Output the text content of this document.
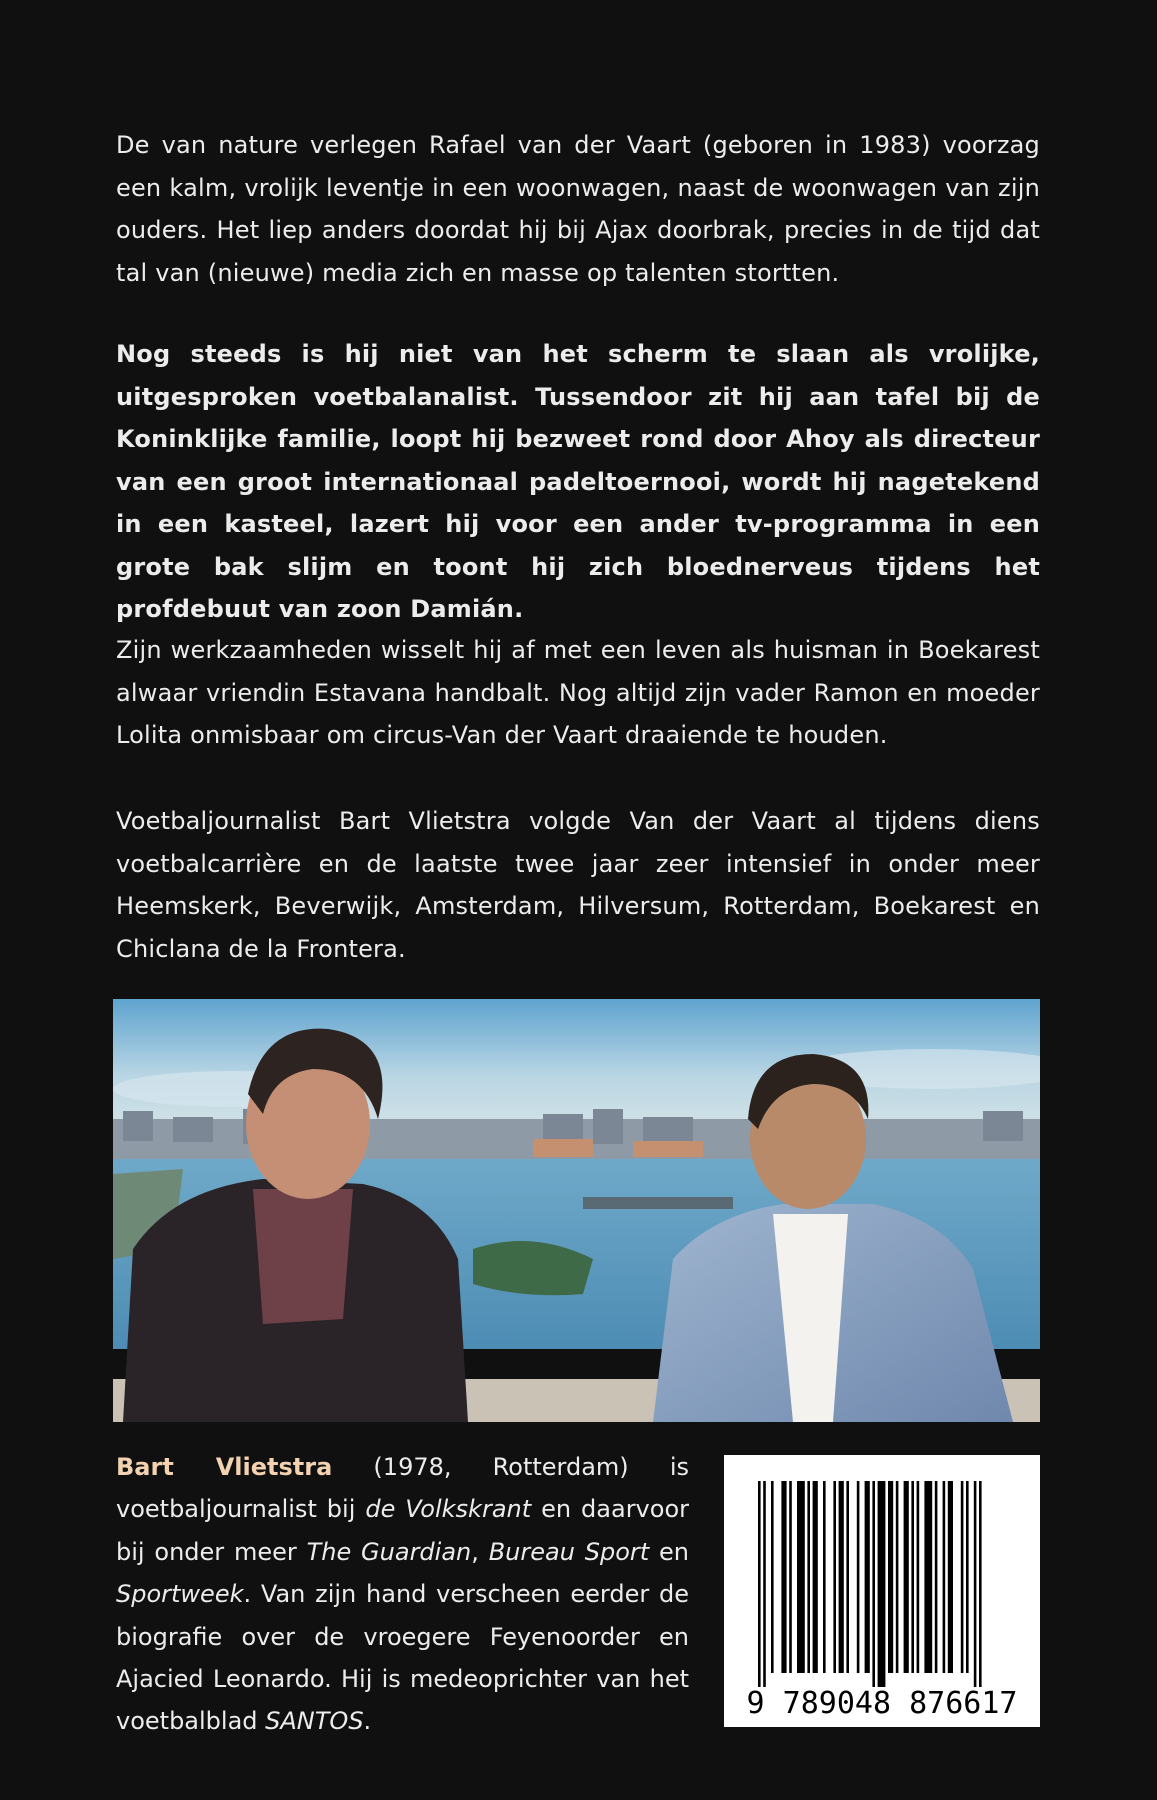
De van nature verlegen Rafael van der Vaart (geboren in 1983) voorzag een kalm, vrolijk leventje in een woonwagen, naast de woonwagen van zijn ouders. Het liep anders doordat hij bij Ajax doorbrak, precies in de tijd dat tal van (nieuwe) media zich en masse op talenten stortten.

Nog steeds is hij niet van het scherm te slaan als vrolijke, uitgesproken voetbalanalist. Tussendoor zit hij aan tafel bij de Koninklijke familie, loopt hij bezweet rond door Ahoy als directeur van een groot internationaal padeltoernooi, wordt hij nagetekend in een kasteel, lazert hij voor een ander tv-programma in een grote bak slijm en toont hij zich bloednerveus tijdens het profdebuut van zoon Damián.

Zijn werkzaamheden wisselt hij af met een leven als huisman in Boekarest alwaar vriendin Estavana handbalt. Nog altijd zijn vader Ramon en moeder Lolita onmisbaar om circus-Van der Vaart draaiende te houden.

Voetbaljournalist Bart Vlietstra volgde Van der Vaart al tijdens diens voetbalcarrière en de laatste twee jaar zeer intensief in onder meer Heemskerk, Beverwijk, Amsterdam, Hilversum, Rotterdam, Boekarest en Chiclana de la Frontera.

Bart Vlietstra (1978, Rotterdam) is voetbaljournalist bij de Volkskrant en daarvoor bij onder meer The Guardian, Bureau Sport en Sportweek. Van zijn hand verscheen eerder de biografie over de vroegere Feyenoorder en Ajacied Leonardo. Hij is medeoprichter van het voetbalblad SANTOS.

9 789048 876617
